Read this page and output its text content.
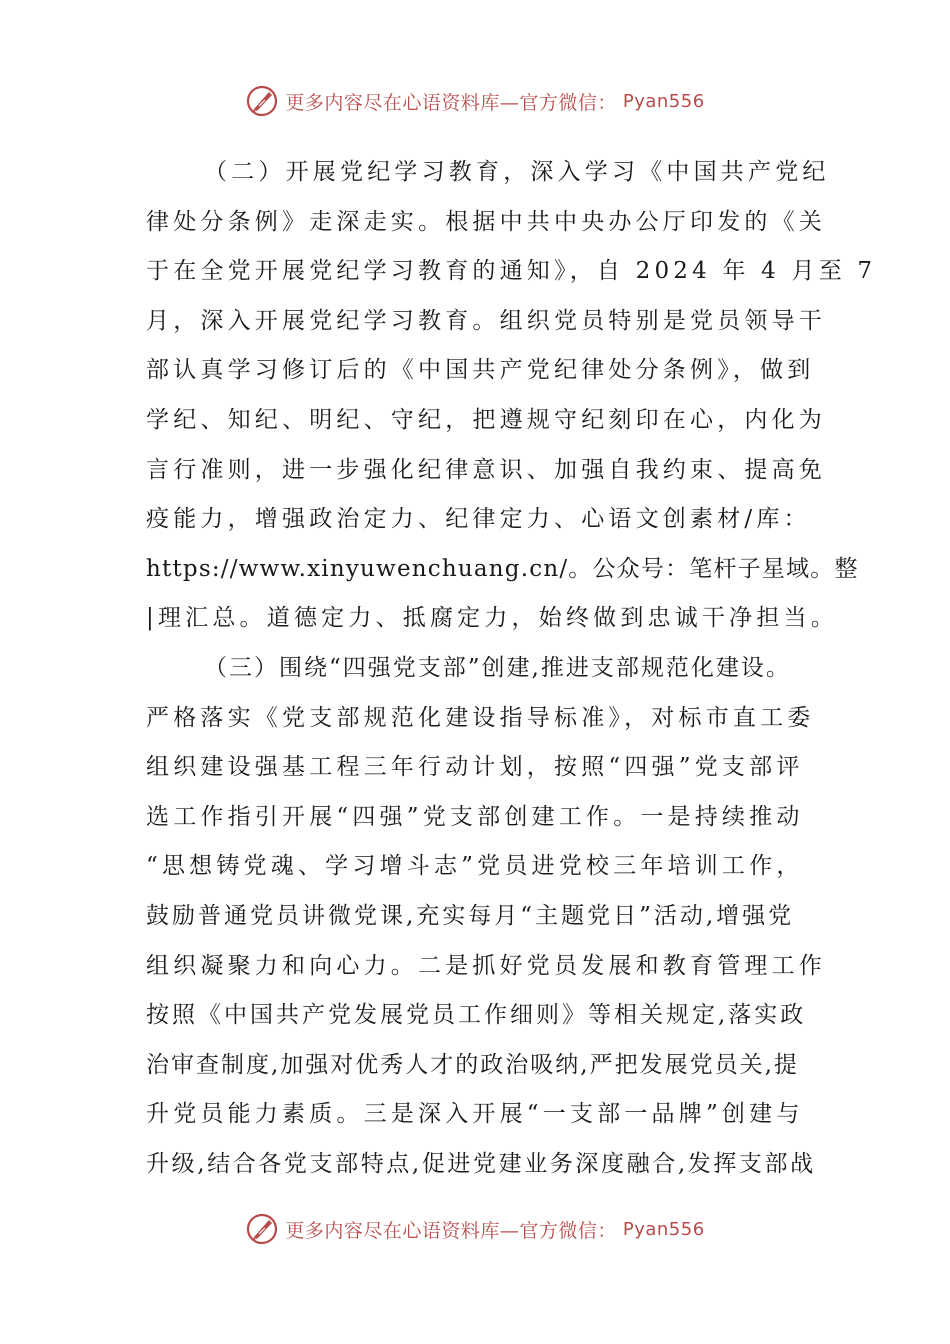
更多内容尽在心语资料库—官方微信： Pyan556
（二）开展党纪学习教育，深入学习《中国共产党纪
律处分条例》走深走实。根据中共中央办公厅印发的《关
于在全党开展党纪学习教育的通知》，自 2024 年 4 月至 7
月，深入开展党纪学习教育。组织党员特别是党员领导干
部认真学习修订后的《中国共产党纪律处分条例》，做到
学纪、知纪、明纪、守纪，把遵规守纪刻印在心，内化为
言行准则，进一步强化纪律意识、加强自我约束、提高免
疫能力，增强政治定力、纪律定力、心语文创素材/库：
https://www.xinyuwenchuang.cn/。公众号：笔杆子星域。整
|理汇总。道德定力、抵腐定力，始终做到忠诚干净担当。
（三）围绕“四强党支部”创建,推进支部规范化建设。
严格落实《党支部规范化建设指导标准》，对标市直工委
组织建设强基工程三年行动计划，按照“四强”党支部评
选工作指引开展“四强”党支部创建工作。一是持续推动
“思想铸党魂、学习增斗志”党员进党校三年培训工作，
鼓励普通党员讲微党课,充实每月“主题党日”活动,增强党
组织凝聚力和向心力。二是抓好党员发展和教育管理工作
按照《中国共产党发展党员工作细则》等相关规定,落实政
治审查制度,加强对优秀人才的政治吸纳,严把发展党员关,提
升党员能力素质。三是深入开展“一支部一品牌”创建与
升级,结合各党支部特点,促进党建业务深度融合,发挥支部战
更多内容尽在心语资料库—官方微信： Pyan556
